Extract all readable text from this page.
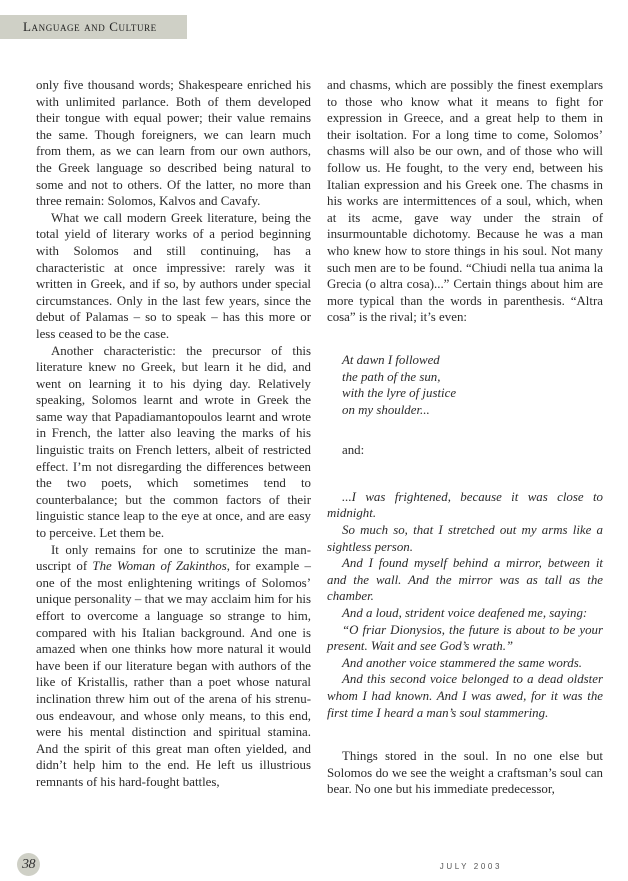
Language and Culture

only five thousand words; Shakespeare enriched his with unlimited parlance. Both of them developed their tongue with equal power; their value remains the same. Though foreigners, we can learn much from them, as we can learn from our own authors, the Greek language so described being natural to some and not to others. Of the latter, no more than three remain: Solomos, Kalvos and Cavafy.

What we call modern Greek literature, being the total yield of literary works of a period beginning with Solomos and still continuing, has a characteristic at once impressive: rarely was it written in Greek, and if so, by authors under special circumstances. Only in the last few years, since the debut of Palamas – so to speak – has this more or less ceased to be the case.

Another characteristic: the precursor of this literature knew no Greek, but learn it he did, and went on learning it to his dying day. Relatively speaking, Solomos learnt and wrote in Greek the same way that Papadiamantopoulos learnt and wrote in French, the latter also leaving the marks of his linguistic traits on French letters, albeit of restricted effect. I’m not disregarding the differences between the two poets, which sometimes tend to counterbalance; but the common factors of their linguistic stance leap to the eye at once, and are easy to perceive. Let them be.

It only remains for one to scrutinize the manuscript of The Woman of Zakinthos, for example – one of the most enlightening writings of Solomos’ unique personality – that we may acclaim him for his effort to overcome a language so strange to him, compared with his Italian background. And one is amazed when one thinks how more natural it would have been if our literature began with authors of the like of Kristallis, rather than a poet whose natural inclination threw him out of the arena of his strenuous endeavour, and whose only means, to this end, were his mental distinction and spiritual stamina. And the spirit of this great man often yielded, and didn’t help him to the end. He left us illustrious remnants of his hard-fought battles,

and chasms, which are possibly the finest exemplars to those who know what it means to fight for expression in Greece, and a great help to them in their isoltation. For a long time to come, Solomos’ chasms will also be our own, and of those who will follow us. He fought, to the very end, between his Italian expression and his Greek one. The chasms in his works are intermittences of a soul, which, when at its acme, gave way under the strain of insurmountable dichotomy. Because he was a man who knew how to store things in his soul. Not many such men are to be found. “Chiudi nella tua anima la Grecia (o altra cosa)...” Certain things about him are more typical than the words in parenthesis. “Altra cosa” is the rival; it’s even:

At dawn I followed
the path of the sun,
with the lyre of justice
on my shoulder...
and:

...I was frightened, because it was close to midnight.

So much so, that I stretched out my arms like a sightless person.

And I found myself behind a mirror, between it and the wall. And the mirror was as tall as the chamber.

And a loud, strident voice deafened me, saying:

“O friar Dionysios, the future is about to be your present. Wait and see God’s wrath.”

And another voice stammered the same words.

And this second voice belonged to a dead oldster whom I had known. And I was awed, for it was the first time I heard a man’s soul stammering.

Things stored in the soul. In no one else but Solomos do we see the weight a craftsman’s soul can bear. No one but his immediate predecessor,

38	JULY 2003
